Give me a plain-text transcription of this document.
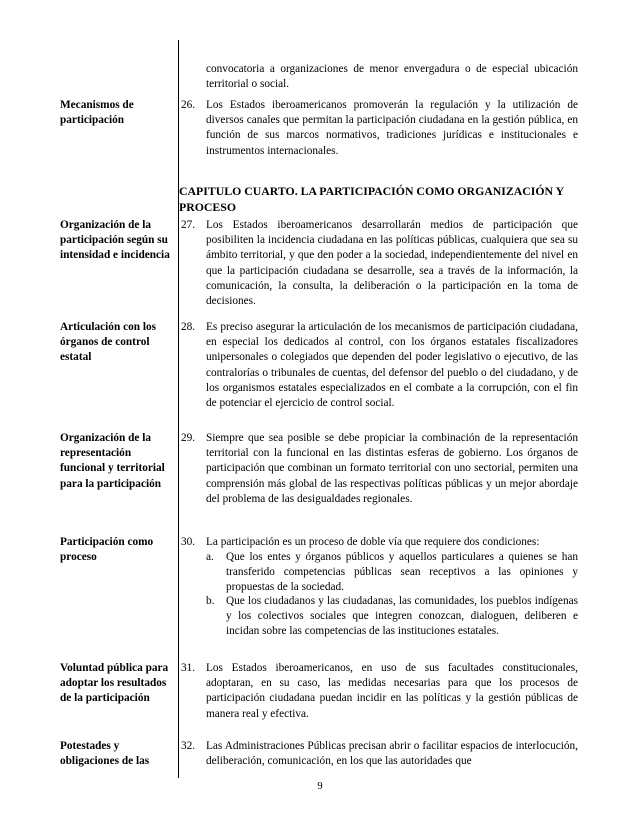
convocatoria a organizaciones de menor envergadura o de especial ubicación territorial o social.
Mecanismos de participación
26. Los Estados iberoamericanos promoverán la regulación y la utilización de diversos canales que permitan la participación ciudadana en la gestión pública, en función de sus marcos normativos, tradiciones jurídicas e institucionales e instrumentos internacionales.
CAPITULO CUARTO. LA PARTICIPACIÓN COMO ORGANIZACIÓN Y PROCESO
Organización de la participación según su intensidad e incidencia
27. Los Estados iberoamericanos desarrollarán medios de participación que posibiliten la incidencia ciudadana en las políticas públicas, cualquiera que sea su ámbito territorial, y que den poder a la sociedad, independientemente del nivel en que la participación ciudadana se desarrolle, sea a través de la información, la comunicación, la consulta, la deliberación o la participación en la toma de decisiones.
Articulación con los órganos de control estatal
28. Es preciso asegurar la articulación de los mecanismos de participación ciudadana, en especial los dedicados al control, con los órganos estatales fiscalizadores unipersonales o colegiados que dependen del poder legislativo o ejecutivo, de las contralorías o tribunales de cuentas, del defensor del pueblo o del ciudadano, y de los organismos estatales especializados en el combate a la corrupción, con el fin de potenciar el ejercicio de control social.
Organización de la representación funcional y territorial para la participación
29. Siempre que sea posible se debe propiciar la combinación de la representación territorial con la funcional en las distintas esferas de gobierno. Los órganos de participación que combinan un formato territorial con uno sectorial, permiten una comprensión más global de las respectivas políticas públicas y un mejor abordaje del problema de las desigualdades regionales.
Participación como proceso
30. La participación es un proceso de doble vía que requiere dos condiciones:
a.	Que los entes y órganos públicos y aquellos particulares a quienes se han transferido competencias públicas sean receptivos a las opiniones y propuestas de la sociedad.
b.	Que los ciudadanos y las ciudadanas, las comunidades, los pueblos indígenas y los colectivos sociales que integren conozcan, dialoguen, deliberen e incidan sobre las competencias de las instituciones estatales.
Voluntad pública para adoptar los resultados de la participación
31. Los Estados iberoamericanos, en uso de sus facultades constitucionales, adoptaran, en su caso, las medidas necesarias para que los procesos de participación ciudadana puedan incidir en las políticas y la gestión públicas de manera real y efectiva.
Potestades y obligaciones de las
32. Las Administraciones Públicas precisan abrir o facilitar espacios de interlocución, deliberación, comunicación, en los que las autoridades que
9
